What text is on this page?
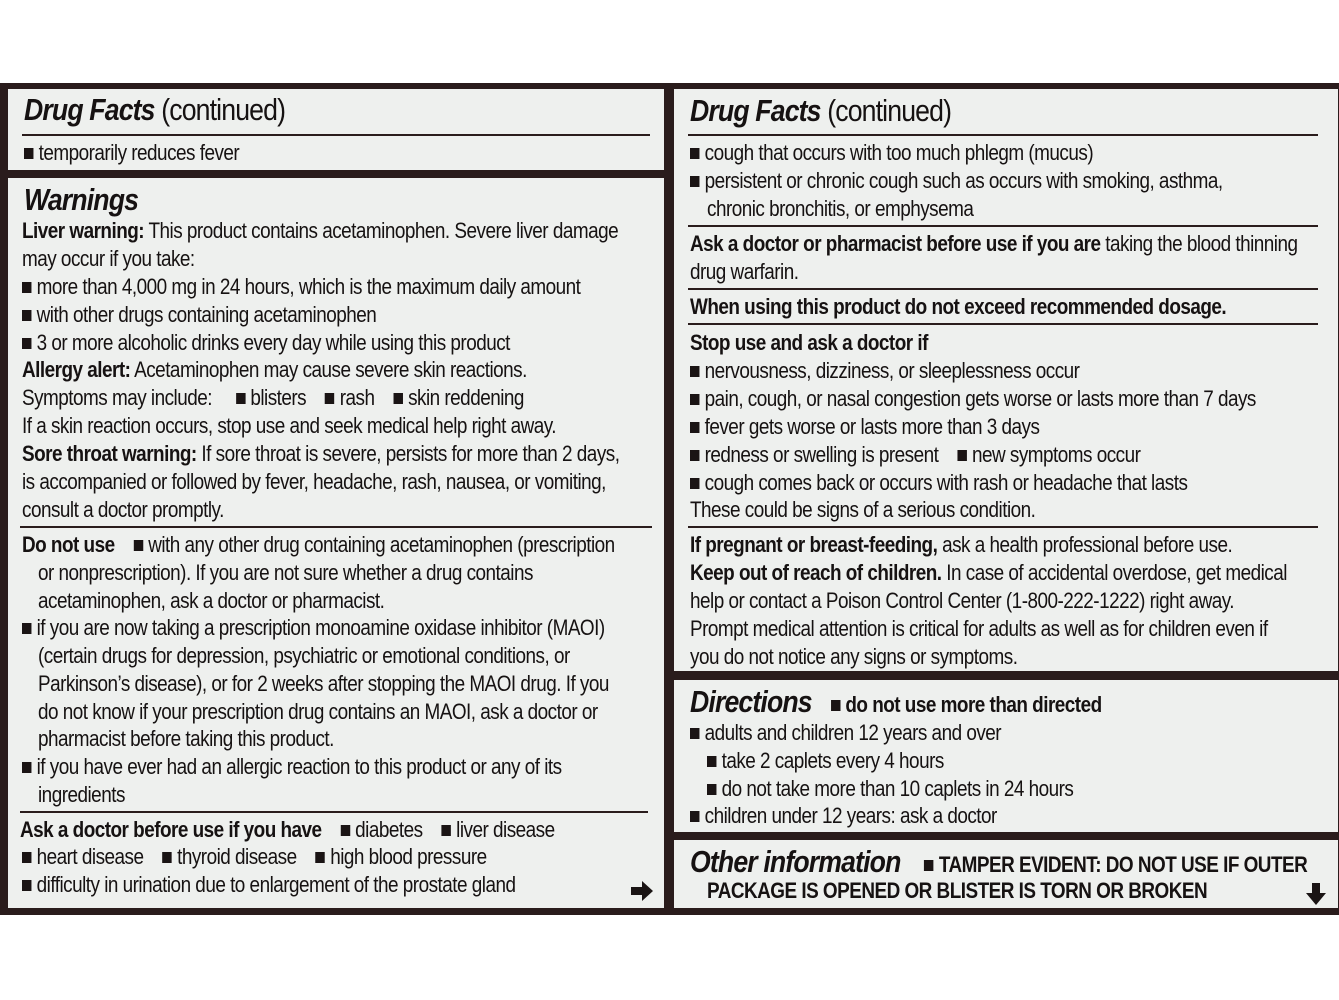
Drug Facts (continued)
temporarily reduces fever
Warnings
Liver warning: This product contains acetaminophen. Severe liver damage
may occur if you take:
more than 4,000 mg in 24 hours, which is the maximum daily amount
with other drugs containing acetaminophen
3 or more alcoholic drinks every day while using this product
Allergy alert: Acetaminophen may cause severe skin reactions.
Symptoms may include: blisters rash skin reddening
If a skin reaction occurs, stop use and seek medical help right away.
Sore throat warning: If sore throat is severe, persists for more than 2 days,
is accompanied or followed by fever, headache, rash, nausea, or vomiting,
consult a doctor promptly.
Do not use with any other drug containing acetaminophen (prescription
or nonprescription). If you are not sure whether a drug contains
acetaminophen, ask a doctor or pharmacist.
if you are now taking a prescription monoamine oxidase inhibitor (MAOI)
(certain drugs for depression, psychiatric or emotional conditions, or
Parkinson’s disease), or for 2 weeks after stopping the MAOI drug. If you
do not know if your prescription drug contains an MAOI, ask a doctor or
pharmacist before taking this product.
if you have ever had an allergic reaction to this product or any of its
ingredients
Ask a doctor before use if you have diabetes liver disease
heart disease thyroid disease high blood pressure
difficulty in urination due to enlargement of the prostate gland
Drug Facts (continued)
cough that occurs with too much phlegm (mucus)
persistent or chronic cough such as occurs with smoking, asthma,
chronic bronchitis, or emphysema
Ask a doctor or pharmacist before use if you are taking the blood thinning
drug warfarin.
When using this product do not exceed recommended dosage.
Stop use and ask a doctor if
nervousness, dizziness, or sleeplessness occur
pain, cough, or nasal congestion gets worse or lasts more than 7 days
fever gets worse or lasts more than 3 days
redness or swelling is present new symptoms occur
cough comes back or occurs with rash or headache that lasts
These could be signs of a serious condition.
If pregnant or breast-feeding, ask a health professional before use.
Keep out of reach of children. In case of accidental overdose, get medical
help or contact a Poison Control Center (1-800-222-1222) right away.
Prompt medical attention is critical for adults as well as for children even if
you do not notice any signs or symptoms.
Directions do not use more than directed
adults and children 12 years and over
take 2 caplets every 4 hours
do not take more than 10 caplets in 24 hours
children under 12 years: ask a doctor
Other information TAMPER EVIDENT: DO NOT USE IF OUTER
PACKAGE IS OPENED OR BLISTER IS TORN OR BROKEN
